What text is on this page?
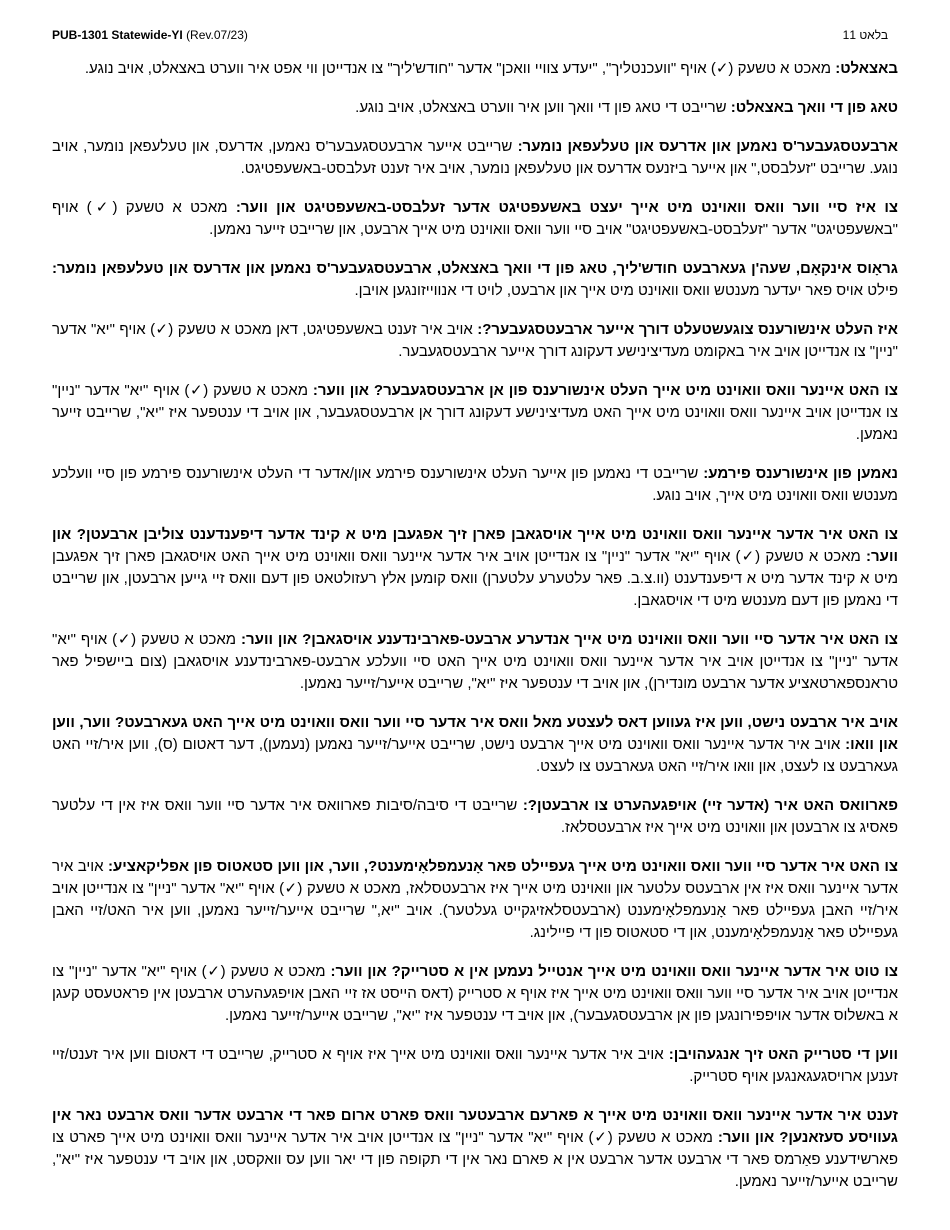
PUB-1301 Statewide-YI (Rev.07/23)	בלאט 11

באצאלט: מאכט א טשעק (✓) אויף "וועכנטליך", "יעדע צוויי וואכן" אדער "חודש'ליך" צו אנדייטן ווי אפט איר ווערט באצאלט, אויב נוגע.

טאג פון די וואך באצאלט: שרייבט די טאג פון די וואך ווען איר ווערט באצאלט, אויב נוגע.

ארבעטסגעבער'ס נאמען און אדרעס און טעלעפאן נומער: שרייבט אייער ארבעטסגעבער'ס נאמען, אדרעס, און טעלעפאן נומער, אויב נוגע. שרייבט "זעלבסט," און אייער ביזנעס אדרעס און טעלעפאן נומער, אויב איר זענט זעלבסט-באשעפטיגט.

צו איז סיי ווער וואס וואוינט מיט אייך יעצט באשעפטיגט אדער זעלבסט-באשעפטיגט און ווער: מאכט א טשעק (✓) אויף "באשעפטיגט" אדער "זעלבסט-באשעפטיגט" אויב סיי ווער וואס וואוינט מיט אייך ארבעט, און שרייבט זייער נאמען.

גראָוס אינקאָם, שעה'ן געארבעט חודש'ליך, טאג פון די וואך באצאלט, ארבעטסגעבער'ס נאמען און אדרעס און טעלעפאן נומער: פילט אויס פאר יעדער מענטש וואס וואוינט מיט אייך און ארבעט, לויט די אנווייזונגען אויבן.

איז העלט אינשורענס צוגעשטעלט דורך אייער ארבעטסגעבער?: אויב איר זענט באשעפטיגט, דאן מאכט א טשעק (✓) אויף "יא" אדער "ניין" צו אנדייטן אויב איר באקומט מעדיצינישע דעקונג דורך אייער ארבעטסגעבער.

צו האט איינער וואס וואוינט מיט אייך העלט אינשורענס פון אן ארבעטסגעבער? און ווער: מאכט א טשעק (✓) אויף "יא" אדער "ניין" צו אנדייטן אויב איינער וואס וואוינט מיט אייך האט מעדיצינישע דעקונג דורך אן ארבעטסגעבער, און אויב די ענטפער איז "יא", שרייבט זייער נאמען.

נאמען פון אינשורענס פירמע: שרייבט די נאמען פון אייער העלט אינשורענס פירמע און/אדער די העלט אינשורענס פירמע פון סיי וועלכע מענטש וואס וואוינט מיט אייך, אויב נוגע.

צו האט איר אדער איינער וואס וואוינט מיט אייך אויסגאבן פארן זיך אפגעבן מיט א קינד אדער דיפענדענט צוליבן ארבעטן? און ווער: מאכט א טשעק (✓) אויף "יא" אדער "ניין" צו אנדייטן אויב איר אדער איינער וואס וואוינט מיט אייך האט אויסגאבן פארן זיך אפגעבן מיט א קינד אדער מיט א דיפענדענט (וו.צ.ב. פאר עלטערע עלטערן) וואס קומען אלץ רעזולטאט פון דעם וואס זיי גייען ארבעטן, און שרייבט די נאמען פון דעם מענטש מיט די אויסגאבן.

צו האט איר אדער סיי ווער וואס וואוינט מיט אייך אנדערע ארבעט-פארבינדענע אויסגאבן? און ווער: מאכט א טשעק (✓) אויף "יא" אדער "ניין" צו אנדייטן אויב איר אדער איינער וואס וואוינט מיט אייך האט סיי וועלכע ארבעט-פארבינדענע אויסגאבן (צום ביישפיל פאר טראנספארטאציע אדער ארבעט מונדירן), און אויב די ענטפער איז "יא", שרייבט אייער/זייער נאמען.

אויב איר ארבעט נישט, ווען איז געווען דאס לעצטע מאל וואס איר אדער סיי ווער וואס וואוינט מיט אייך האט געארבעט? ווער, ווען און וואו: אויב איר אדער איינער וואס וואוינט מיט אייך ארבעט נישט, שרייבט אייער/זייער נאמען (נעמען), דער דאטום (ס), ווען איר/זיי האט געארבעט צו לעצט, און וואו איר/זיי האט געארבעט צו לעצט.

פארוואס האט איר (אדער זיי) אויפגעהערט צו ארבעטן?: שרייבט די סיבה/סיבות פארוואס איר אדער סיי ווער וואס איז אין די עלטער פאסיג צו ארבעטן און וואוינט מיט אייך איז ארבעטסלאז.

צו האט איר אדער סיי ווער וואס וואוינט מיט אייך געפיילט פאר אָנעמפלאָימענט?, ווער, און ווען סטאטוס פון אפליקאציע: אויב איר אדער איינער וואס איז אין ארבעטס עלטער און וואוינט מיט אייך איז ארבעטסלאז, מאכט א טשעק (✓) אויף "יא" אדער "ניין" צו אנדייטן אויב איר/זיי האבן געפיילט פאר אָנעמפלאָימענט (ארבעטסלאזיגקייט געלטער). אויב "יא," שרייבט אייער/זייער נאמען, ווען איר האט/זיי האבן געפיילט פאר אָנעמפלאָימענט, און די סטאטוס פון די פיילינג.

צו טוט איר אדער איינער וואס וואוינט מיט אייך אנטייל נעמען אין א סטרייק? און ווער: מאכט א טשעק (✓) אויף "יא" אדער "ניין" צו אנדייטן אויב איר אדער סיי ווער וואס וואוינט מיט אייך איז אויף א סטרייק (דאס הייסט אז זיי האבן אויפגעהערט ארבעטן אין פראטעסט קעגן א באשלוס אדער אויפפירונגען פון אן ארבעטסגעבער), און אויב די ענטפער איז "יא", שרייבט אייער/זייער נאמען.

ווען די סטרייק האט זיך אנגעהויבן: אויב איר אדער איינער וואס וואוינט מיט אייך איז אויף א סטרייק, שרייבט די דאטום ווען איר זענט/זיי זענען ארויסגעגאנגען אויף סטרייק.

זענט איר אדער איינער וואס וואוינט מיט אייך א פארעם ארבעטער וואס פארט ארום פאר די ארבעט אדער וואס ארבעט נאר אין געוויסע סעזאנען? און ווער: מאכט א טשעק (✓) אויף "יא" אדער "ניין" צו אנדייטן אויב איר אדער איינער וואס וואוינט מיט אייך פארט צו פארשידענע פאַרמס פאר די ארבעט אדער ארבעט אין א פארם נאר אין די תקופה פון די יאר ווען עס וואקסט, און אויב די ענטפער איז "יא", שרייבט אייער/זייער נאמען.
